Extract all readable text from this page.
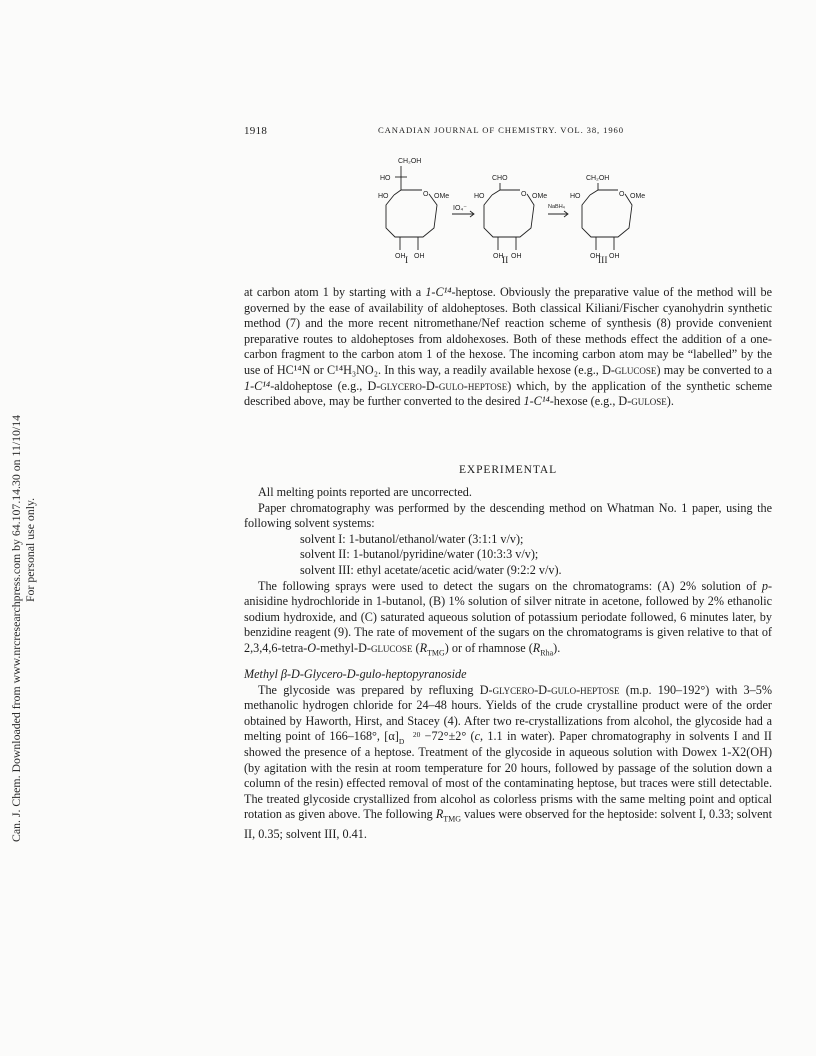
Can. J. Chem. Downloaded from www.nrcresearchpress.com by 64.107.14.30 on 11/10/14 For personal use only.
1918	CANADIAN JOURNAL OF CHEMISTRY. VOL. 38, 1960
CH₂OH
HO
HO	O OMe
OH OH
I
IO₄⁻
CHO
HO	O OMe
OH OH
II
NaBH₄
CH₂OH
HO	O OMe
OH OH
III

at carbon atom 1 by starting with a 1-C¹⁴-heptose. Obviously the preparative value of the method will be governed by the ease of availability of aldoheptoses. Both classical Kiliani/Fischer cyanohydrin synthetic method (7) and the more recent nitromethane/Nef reaction scheme of synthesis (8) provide convenient preparative routes to aldoheptoses from aldohexoses. Both of these methods effect the addition of a one-carbon fragment to the carbon atom 1 of the hexose. The incoming carbon atom may be “labelled” by the use of HC¹⁴N or C¹⁴H₃NO₂. In this way, a readily available hexose (e.g., D-glucose) may be converted to a 1-C¹⁴-aldoheptose (e.g., D-glycero-D-gulo-heptose) which, by the application of the synthetic scheme described above, may be further converted to the desired 1-C¹⁴-hexose (e.g., D-gulose).

EXPERIMENTAL

All melting points reported are uncorrected.

Paper chromatography was performed by the descending method on Whatman No. 1 paper, using the following solvent systems:

solvent I: 1-butanol/ethanol/water (3:1:1 v/v);
solvent II: 1-butanol/pyridine/water (10:3:3 v/v);
solvent III: ethyl acetate/acetic acid/water (9:2:2 v/v).

The following sprays were used to detect the sugars on the chromatograms: (A) 2% solution of p-anisidine hydrochloride in 1-butanol, (B) 1% solution of silver nitrate in acetone, followed by 2% ethanolic sodium hydroxide, and (C) saturated aqueous solution of potassium periodate followed, 6 minutes later, by benzidine reagent (9). The rate of movement of the sugars on the chromatograms is given relative to that of 2,3,4,6-tetra-O-methyl-D-glucose $(R_{TMG})$ or of rhamnose $(R_{Rha})$.

Methyl β-D-Glycero-D-gulo-heptopyranoside

The glycoside was prepared by refluxing D-glycero-D-gulo-heptose (m.p. 190–192°) with 3–5% methanolic hydrogen chloride for 24–48 hours. Yields of the crude crystalline product were of the order obtained by Haworth, Hirst, and Stacey (4). After two re-crystallizations from alcohol, the glycoside had a melting point of 166–168°, [α] 20
D −72°±2° (c, 1.1 in water). Paper chromatography in solvents I and II showed the presence of a heptose. Treatment of the glycoside in aqueous solution with Dowex 1-X2(OH) (by agitation with the resin at room temperature for 20 hours, followed by passage of the solution down a column of the resin) effected removal of most of the contaminating heptose, but traces were still detectable. The treated glycoside crystallized from alcohol as colorless prisms with the same melting point and optical rotation as given above. The following $R_{TMG}$ values were observed for the heptoside: solvent I, 0.33; solvent II, 0.35; solvent III, 0.41.
